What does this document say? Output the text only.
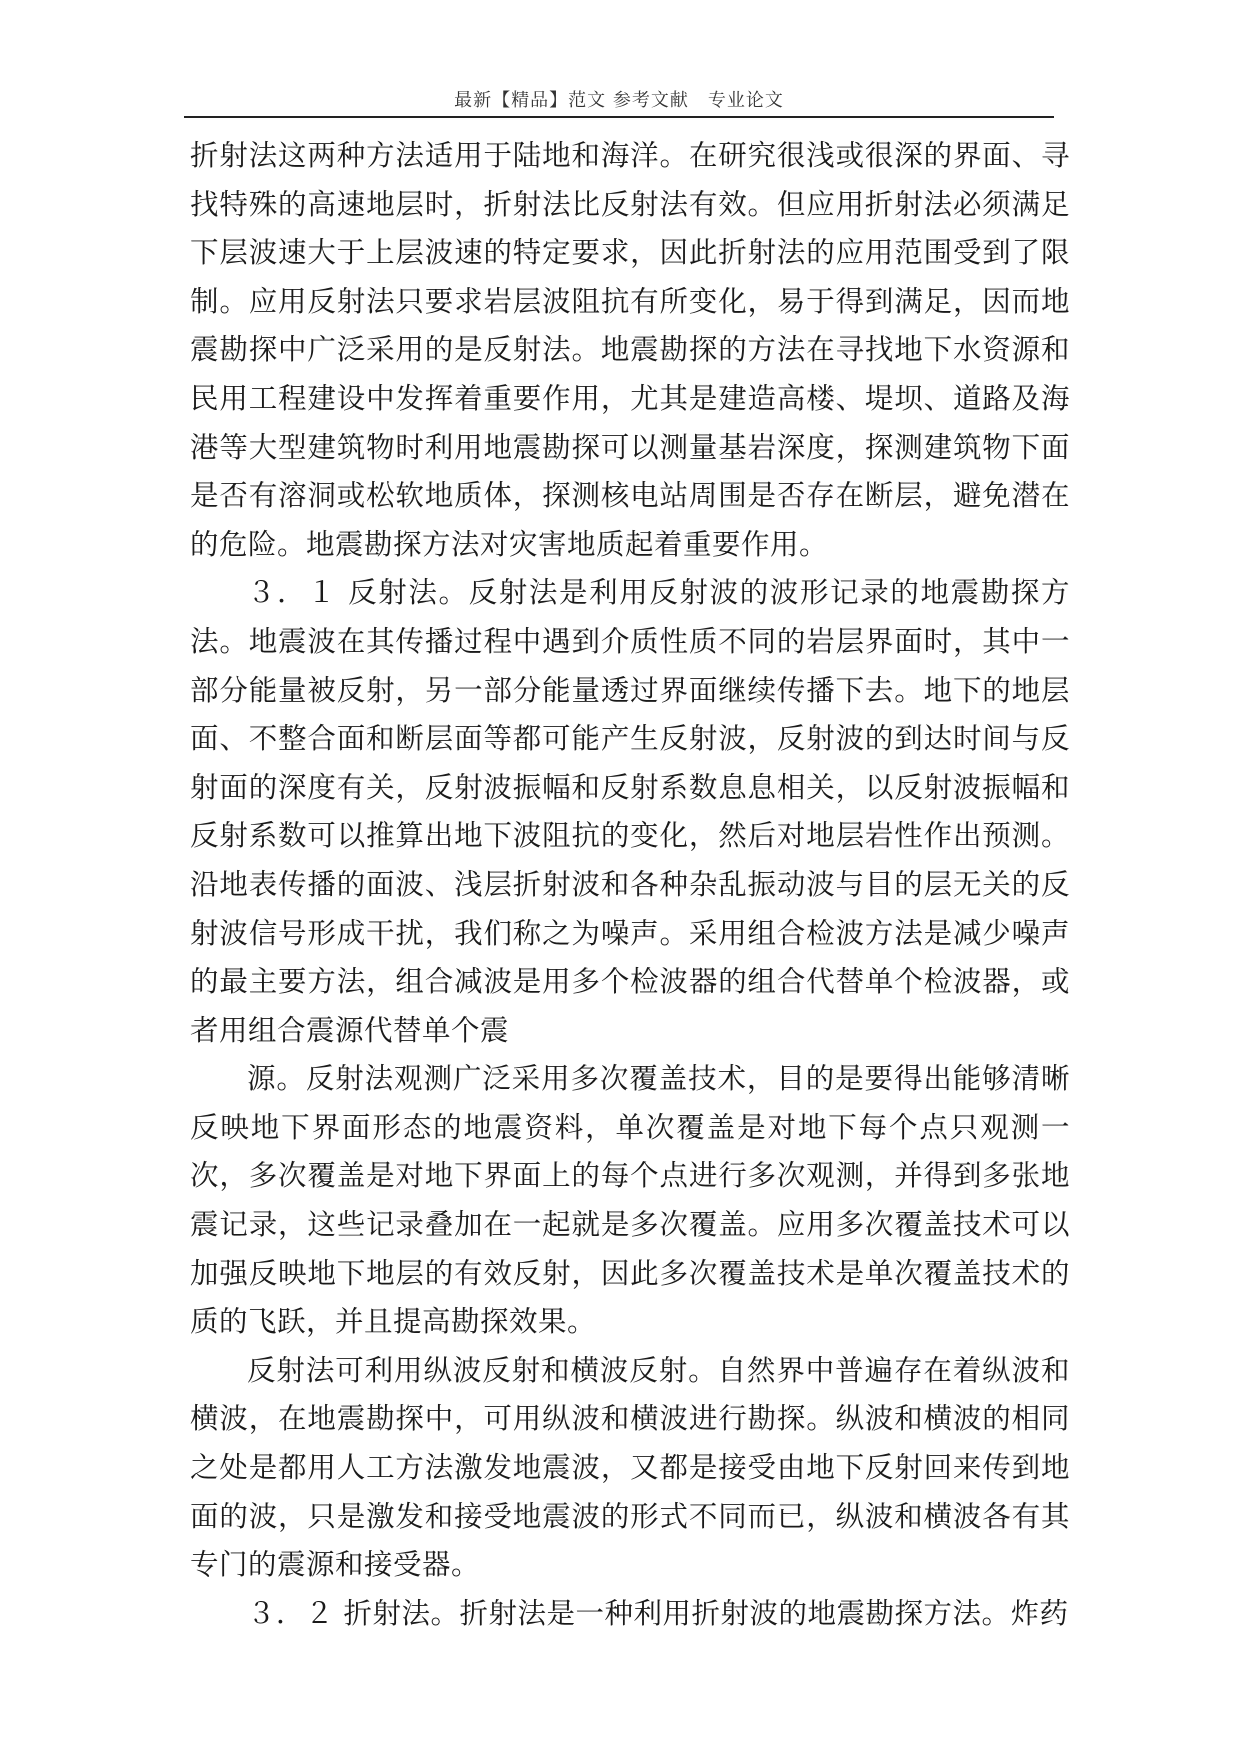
最新【精品】范文 参考文献　专业论文

折射法这两种方法适用于陆地和海洋。在研究很浅或很深的界面、寻找特殊的高速地层时，折射法比反射法有效。但应用折射法必须满足下层波速大于上层波速的特定要求，因此折射法的应用范围受到了限制。应用反射法只要求岩层波阻抗有所变化，易于得到满足，因而地震勘探中广泛采用的是反射法。地震勘探的方法在寻找地下水资源和民用工程建设中发挥着重要作用，尤其是建造高楼、堤坝、道路及海港等大型建筑物时利用地震勘探可以测量基岩深度，探测建筑物下面是否有溶洞或松软地质体，探测核电站周围是否存在断层，避免潜在的危险。地震勘探方法对灾害地质起着重要作用。

３．１ 反射法。反射法是利用反射波的波形记录的地震勘探方法。地震波在其传播过程中遇到介质性质不同的岩层界面时，其中一部分能量被反射，另一部分能量透过界面继续传播下去。地下的地层面、不整合面和断层面等都可能产生反射波，反射波的到达时间与反射面的深度有关，反射波振幅和反射系数息息相关，以反射波振幅和反射系数可以推算出地下波阻抗的变化，然后对地层岩性作出预测。沿地表传播的面波、浅层折射波和各种杂乱振动波与目的层无关的反射波信号形成干扰，我们称之为噪声。采用组合检波方法是减少噪声的最主要方法，组合减波是用多个检波器的组合代替单个检波器，或者用组合震源代替单个震

源。反射法观测广泛采用多次覆盖技术，目的是要得出能够清晰反映地下界面形态的地震资料，单次覆盖是对地下每个点只观测一次，多次覆盖是对地下界面上的每个点进行多次观测，并得到多张地震记录，这些记录叠加在一起就是多次覆盖。应用多次覆盖技术可以加强反映地下地层的有效反射，因此多次覆盖技术是单次覆盖技术的质的飞跃，并且提高勘探效果。

反射法可利用纵波反射和横波反射。自然界中普遍存在着纵波和横波，在地震勘探中，可用纵波和横波进行勘探。纵波和横波的相同之处是都用人工方法激发地震波，又都是接受由地下反射回来传到地面的波，只是激发和接受地震波的形式不同而已，纵波和横波各有其专门的震源和接受器。

３．２ 折射法。折射法是一种利用折射波的地震勘探方法。炸药
